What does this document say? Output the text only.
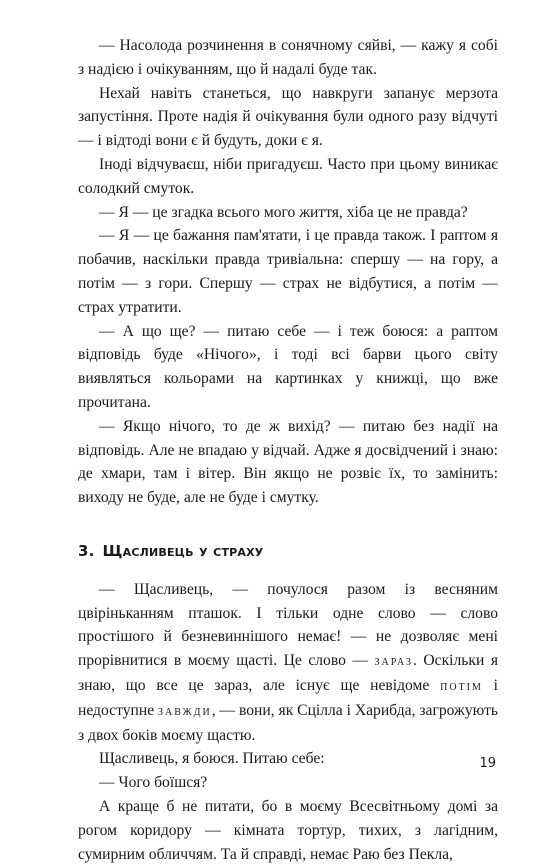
— Насолода розчинення в сонячному сяйві, — кажу я собі з надією і очікуванням, що й надалі буде так.

Нехай навіть станеться, що навкруги запанує мерзота запустіння. Проте надія й очікування були одного разу відчуті — і відтоді вони є й будуть, доки є я.

Іноді відчуваєш, ніби пригадуєш. Часто при цьому виникає солодкий смуток.

— Я — це згадка всього мого життя, хіба це не правда?

— Я — це бажання пам'ятати, і це правда також. І раптом я побачив, наскільки правда тривіальна: спершу — на гору, а потім — з гори. Спершу — страх не відбутися, а потім — страх утратити.

— А що ще? — питаю себе — і теж боюся: а раптом відповідь буде «Нічого», і тоді всі барви цього світу виявляться кольорами на картинках у книжці, що вже прочитана.

— Якщо нічого, то де ж вихід? — питаю без надії на відповідь. Але не впадаю у відчай. Адже я досвідчений і знаю: де хмари, там і вітер. Він якщо не розвіє їх, то замінить: виходу не буде, але не буде і смутку.

3. Щасливець у страху

— Щасливець, — почулося разом із весняним цвіріньканням пташок. І тільки одне слово — слово простішого й безневиннішого немає! — не дозволяє мені прорівнитися в моєму щасті. Це слово — зараз. Оскільки я знаю, що все це зараз, але існує ще невідоме потім і недоступне завжди, — вони, як Сцілла і Харибда, загрожують з двох боків моєму щастю.

Щасливець, я боюся. Питаю себе:

— Чого боїшся?

А краще б не питати, бо в моєму Всесвітньому домі за рогом коридору — кімната тортур, тихих, з лагідним, сумирним обличчям. Та й справді, немає Раю без Пекла,

19
